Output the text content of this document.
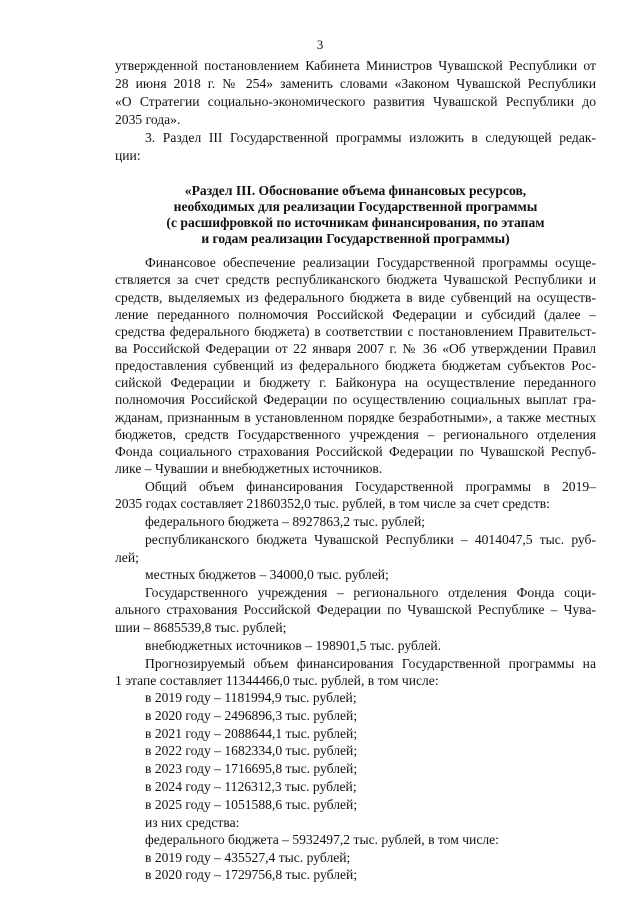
3
утвержденной постановлением Кабинета Министров Чувашской Республики от
28 июня 2018 г. № 254» заменить словами «Законом Чувашской Республики
«О Стратегии социально-экономического развития Чувашской Республики до
2035 года».
3. Раздел III Государственной программы изложить в следующей редак-
ции:
«Раздел III. Обоснование объема финансовых ресурсов,
необходимых для реализации Государственной программы
(с расшифровкой по источникам финансирования, по этапам
и годам реализации Государственной программы)
Финансовое обеспечение реализации Государственной программы осуще-
ствляется за счет средств республиканского бюджета Чувашской Республики и
средств, выделяемых из федерального бюджета в виде субвенций на осуществ-
ление переданного полномочия Российской Федерации и субсидий (далее –
средства федерального бюджета) в соответствии с постановлением Правительст-
ва Российской Федерации от 22 января 2007 г. № 36 «Об утверждении Правил
предоставления субвенций из федерального бюджета бюджетам субъектов Рос-
сийской Федерации и бюджету г. Байконура на осуществление переданного
полномочия Российской Федерации по осуществлению социальных выплат гра-
жданам, признанным в установленном порядке безработными», а также местных
бюджетов, средств Государственного учреждения – регионального отделения
Фонда социального страхования Российской Федерации по Чувашской Респуб-
лике – Чувашии и внебюджетных источников.
Общий объем финансирования Государственной программы в 2019–
2035 годах составляет 21860352,0 тыс. рублей, в том числе за счет средств:
федерального бюджета – 8927863,2 тыс. рублей;
республиканского бюджета Чувашской Республики – 4014047,5 тыс. руб-
лей;
местных бюджетов – 34000,0 тыс. рублей;
Государственного учреждения – регионального отделения Фонда соци-
ального страхования Российской Федерации по Чувашской Республике – Чува-
шии – 8685539,8 тыс. рублей;
внебюджетных источников – 198901,5 тыс. рублей.
Прогнозируемый объем финансирования Государственной программы на
1 этапе составляет 11344466,0 тыс. рублей, в том числе:
в 2019 году – 1181994,9 тыс. рублей;
в 2020 году – 2496896,3 тыс. рублей;
в 2021 году – 2088644,1 тыс. рублей;
в 2022 году – 1682334,0 тыс. рублей;
в 2023 году – 1716695,8 тыс. рублей;
в 2024 году – 1126312,3 тыс. рублей;
в 2025 году – 1051588,6 тыс. рублей;
из них средства:
федерального бюджета – 5932497,2 тыс. рублей, в том числе:
в 2019 году – 435527,4 тыс. рублей;
в 2020 году – 1729756,8 тыс. рублей;
